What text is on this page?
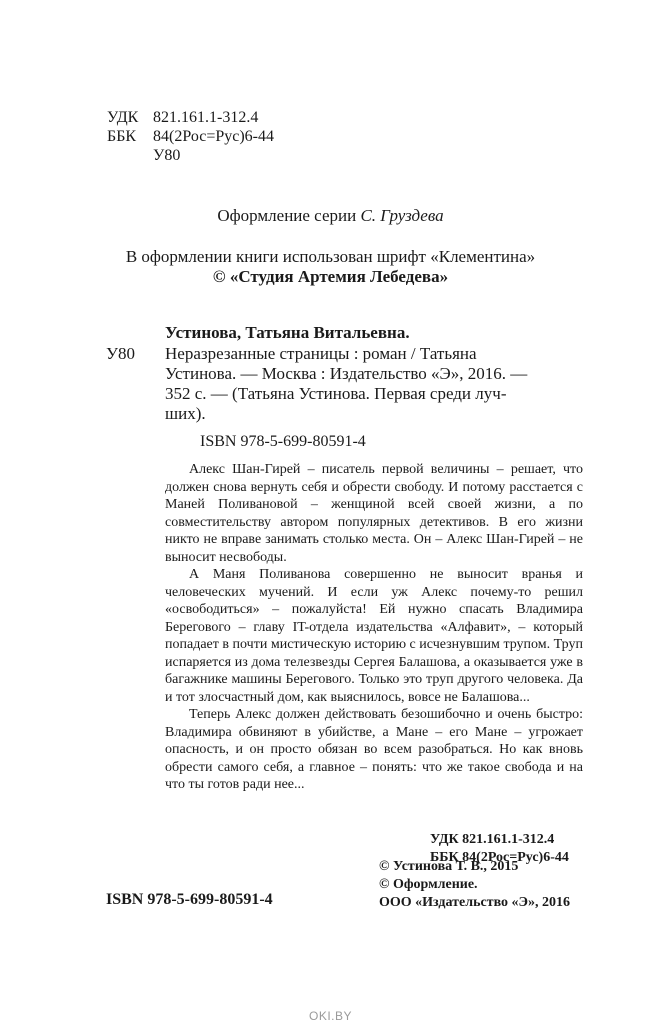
УДК 821.161.1-312.4
ББК 84(2Рос=Рус)6-44
У80
Оформление серии С. Груздева
В оформлении книги использован шрифт «Клементина»
© «Студия Артемия Лебедева»
Устинова, Татьяна Витальевна.
У80 Неразрезанные страницы : роман / Татьяна

Устинова. — Москва : Издательство «Э», 2016. —

352 с. — (Татьяна Устинова. Первая среди луч-

ших).

ISBN 978-5-699-80591-4

Алекс Шан-Гирей – писатель первой величины – решает, что должен снова вернуть себя и обрести свободу. И потому расстается с Маней Поливановой – женщиной всей своей жизни, а по совместительству автором популярных детективов. В его жизни никто не вправе занимать столько места. Он – Алекс Шан-Гирей – не выносит несвободы.

А Маня Поливанова совершенно не выносит вранья и человеческих мучений. И если уж Алекс почему-то решил «освободиться» – пожалуйста! Ей нужно спасать Владимира Берегового – главу IT-отдела издательства «Алфавит», – который попадает в почти мистическую историю с исчезнувшим трупом. Труп испаряется из дома телезвезды Сергея Балашова, а оказывается уже в багажнике машины Берегового. Только это труп другого человека. Да и тот злосчастный дом, как выяснилось, вовсе не Балашова...

Теперь Алекс должен действовать безошибочно и очень быстро: Владимира обвиняют в убийстве, а Мане – его Мане – угрожает опасность, и он просто обязан во всем разобраться. Но как вновь обрести самого себя, а главное – понять: что же такое свобода и на что ты готов ради нее...

УДК 821.161.1-312.4
ББК 84(2Рос=Рус)6-44
© Устинова Т. В., 2015
© Оформление.
ООО «Издательство «Э», 2016
ISBN 978-5-699-80591-4
OKI.BY
